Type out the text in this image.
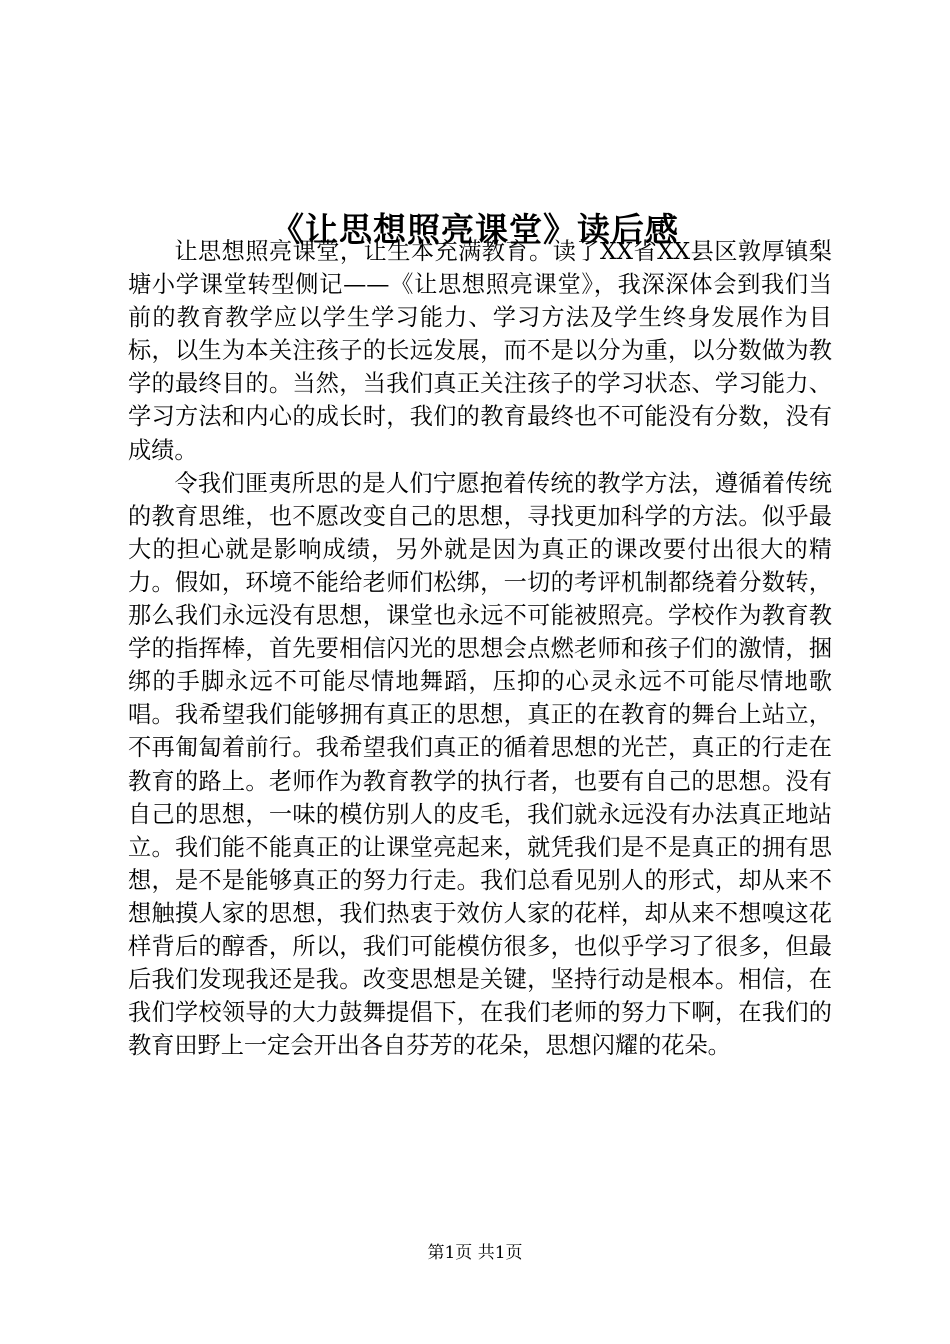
《让思想照亮课堂》读后感

让思想照亮课堂，让生本充满教育。读了XX省XX县区敦厚镇梨塘小学课堂转型侧记——《让思想照亮课堂》，我深深体会到我们当前的教育教学应以学生学习能力、学习方法及学生终身发展作为目标，以生为本关注孩子的长远发展，而不是以分为重，以分数做为教学的最终目的。当然，当我们真正关注孩子的学习状态、学习能力、学习方法和内心的成长时，我们的教育最终也不可能没有分数，没有成绩。

令我们匪夷所思的是人们宁愿抱着传统的教学方法，遵循着传统的教育思维，也不愿改变自己的思想，寻找更加科学的方法。似乎最大的担心就是影响成绩，另外就是因为真正的课改要付出很大的精力。假如，环境不能给老师们松绑，一切的考评机制都绕着分数转，那么我们永远没有思想，课堂也永远不可能被照亮。学校作为教育教学的指挥棒，首先要相信闪光的思想会点燃老师和孩子们的激情，捆绑的手脚永远不可能尽情地舞蹈，压抑的心灵永远不可能尽情地歌唱。我希望我们能够拥有真正的思想，真正的在教育的舞台上站立，不再匍匐着前行。我希望我们真正的循着思想的光芒，真正的行走在教育的路上。老师作为教育教学的执行者，也要有自己的思想。没有自己的思想，一味的模仿别人的皮毛，我们就永远没有办法真正地站立。我们能不能真正的让课堂亮起来，就凭我们是不是真正的拥有思想，是不是能够真正的努力行走。我们总看见别人的形式，却从来不想触摸人家的思想，我们热衷于效仿人家的花样，却从来不想嗅这花样背后的醇香，所以，我们可能模仿很多，也似乎学习了很多，但最后我们发现我还是我。改变思想是关键，坚持行动是根本。相信，在我们学校领导的大力鼓舞提倡下，在我们老师的努力下啊，在我们的教育田野上一定会开出各自芬芳的花朵，思想闪耀的花朵。

第1页 共1页
